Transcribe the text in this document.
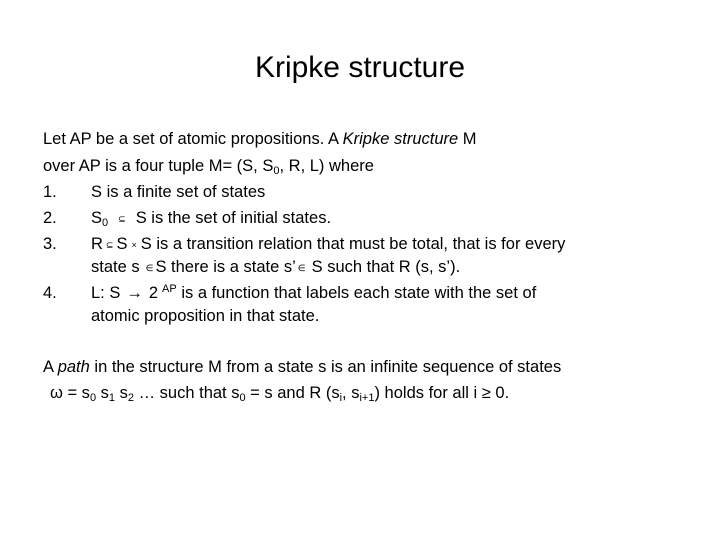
Kripke structure
Let AP be a set of atomic propositions. A Kripke structure M
over AP is a four tuple M= (S, $S_0$, R, L) where
1. S is a finite set of states
2. $S_0$ ⊆ S is the set of initial states.
3. R ⊆ S × S is a transition relation that must be total, that is for every
state s ∈ S there is a state s’ ∈ S such that R (s, s’).
4. L: S → 2 $^{AP}$ is a function that labels each state with the set of
atomic proposition in that state.
A path in the structure M from a state s is an infinite sequence of states
$\omega = s_0$ $s_1$ $s_2$ … such that $s_0 = s$ and R ($s_i$, $s_{i+1}$) holds for all i ≥ 0.
